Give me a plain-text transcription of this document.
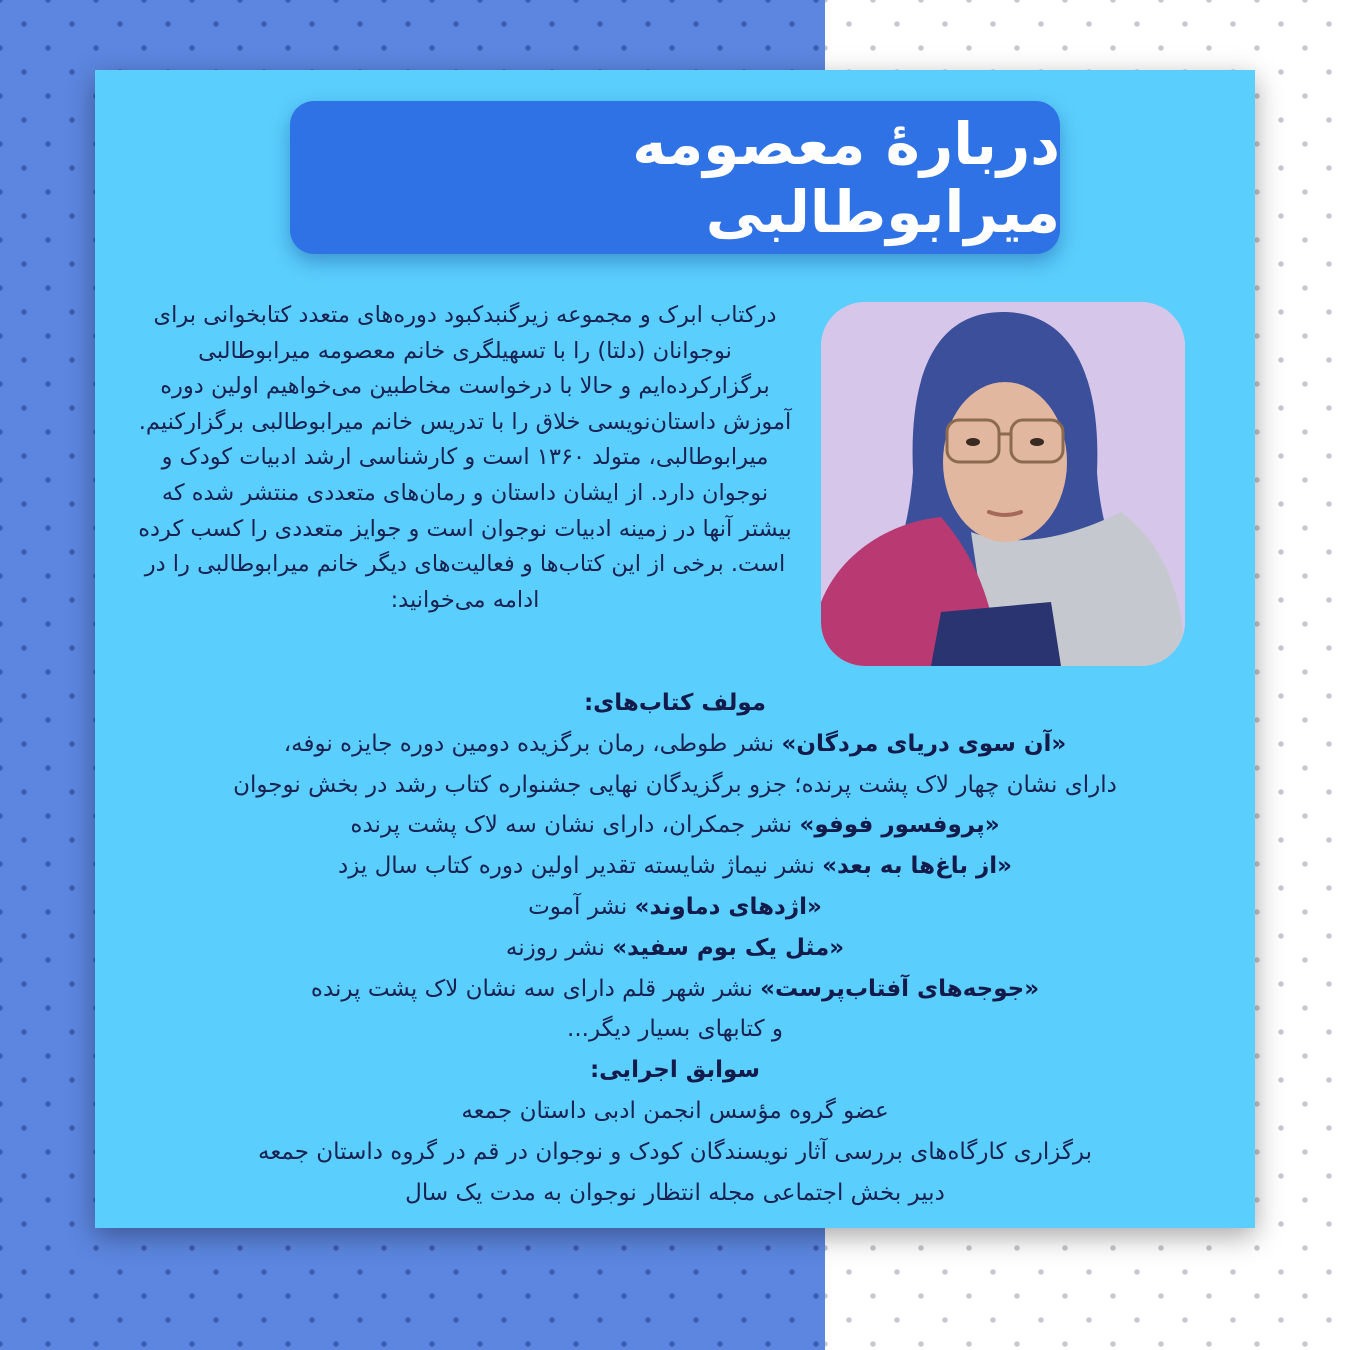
دربارهٔ معصومه میرابوطالبی

درکتاب ابرک و مجموعه زیرگنبدکبود دوره‌های متعدد کتابخوانی برای نوجوانان (دلتا) را با تسهیلگری خانم معصومه میرابوطالبی برگزارکرده‌ایم و حالا با درخواست مخاطبین می‌خواهیم اولین دوره آموزش داستان‌نویسی خلاق را با تدریس خانم میرابوطالبی برگزارکنیم.

میرابوطالبی، متولد ۱۳۶۰ است و کارشناسی ارشد ادبیات کودک و نوجوان دارد. از ایشان داستان و رمان‌های متعددی منتشر شده که بیشتر آنها در زمینه ادبیات نوجوان است و جوایز متعددی را کسب کرده است. برخی از این کتاب‌ها و فعالیت‌های دیگر خانم میرابوطالبی را در ادامه می‌خوانید:

مولف کتاب‌های:
«آن سوی دریای مردگان» نشر طوطی، رمان برگزیده دومین دوره جایزه نوفه،
دارای نشان چهار لاک پشت پرنده؛ جزو برگزیدگان نهایی جشنواره کتاب رشد در بخش نوجوان
«پروفسور فوفو» نشر جمکران، دارای نشان سه لاک پشت پرنده
«از باغ‌ها به بعد» نشر نیماژ شایسته تقدیر اولین دوره کتاب سال یزد
«اژدهای دماوند» نشر آموت
«مثل یک بوم سفید» نشر روزنه
«جوجه‌های آفتاب‌پرست» نشر شهر قلم دارای سه نشان لاک پشت پرنده
و کتابهای بسیار دیگر...
سوابق اجرایی:
عضو گروه مؤسس انجمن ادبی داستان جمعه
برگزاری کارگاه‌های بررسی آثار نویسندگان کودک و نوجوان در قم در گروه داستان جمعه
دبیر بخش اجتماعی مجله انتظار نوجوان به مدت یک سال
